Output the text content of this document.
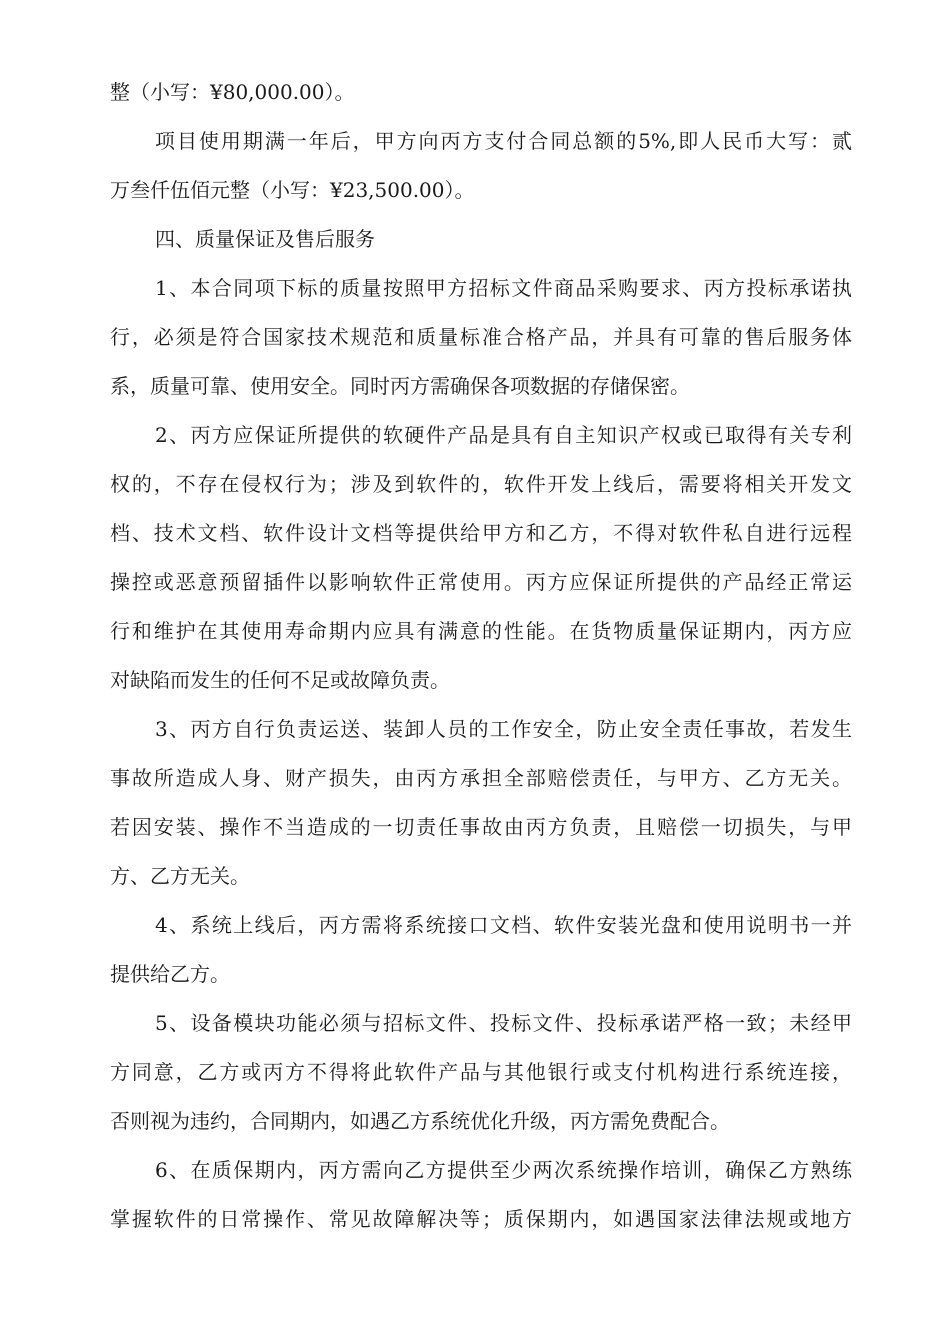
整（小写：¥80,000.00）。
项目使用期满一年后，甲方向丙方支付合同总额的5%,即人民币大写：贰
万叁仟伍佰元整（小写：¥23,500.00）。
四、质量保证及售后服务
1、本合同项下标的质量按照甲方招标文件商品采购要求、丙方投标承诺执
行，必须是符合国家技术规范和质量标准合格产品，并具有可靠的售后服务体
系，质量可靠、使用安全。同时丙方需确保各项数据的存储保密。
2、丙方应保证所提供的软硬件产品是具有自主知识产权或已取得有关专利
权的，不存在侵权行为；涉及到软件的，软件开发上线后，需要将相关开发文
档、技术文档、软件设计文档等提供给甲方和乙方，不得对软件私自进行远程
操控或恶意预留插件以影响软件正常使用。丙方应保证所提供的产品经正常运
行和维护在其使用寿命期内应具有满意的性能。在货物质量保证期内，丙方应
对缺陷而发生的任何不足或故障负责。
3、丙方自行负责运送、装卸人员的工作安全，防止安全责任事故，若发生
事故所造成人身、财产损失，由丙方承担全部赔偿责任，与甲方、乙方无关。
若因安装、操作不当造成的一切责任事故由丙方负责，且赔偿一切损失，与甲
方、乙方无关。
4、系统上线后，丙方需将系统接口文档、软件安装光盘和使用说明书一并
提供给乙方。
5、设备模块功能必须与招标文件、投标文件、投标承诺严格一致；未经甲
方同意，乙方或丙方不得将此软件产品与其他银行或支付机构进行系统连接，
否则视为违约，合同期内，如遇乙方系统优化升级，丙方需免费配合。
6、在质保期内，丙方需向乙方提供至少两次系统操作培训，确保乙方熟练
掌握软件的日常操作、常见故障解决等；质保期内，如遇国家法律法规或地方
